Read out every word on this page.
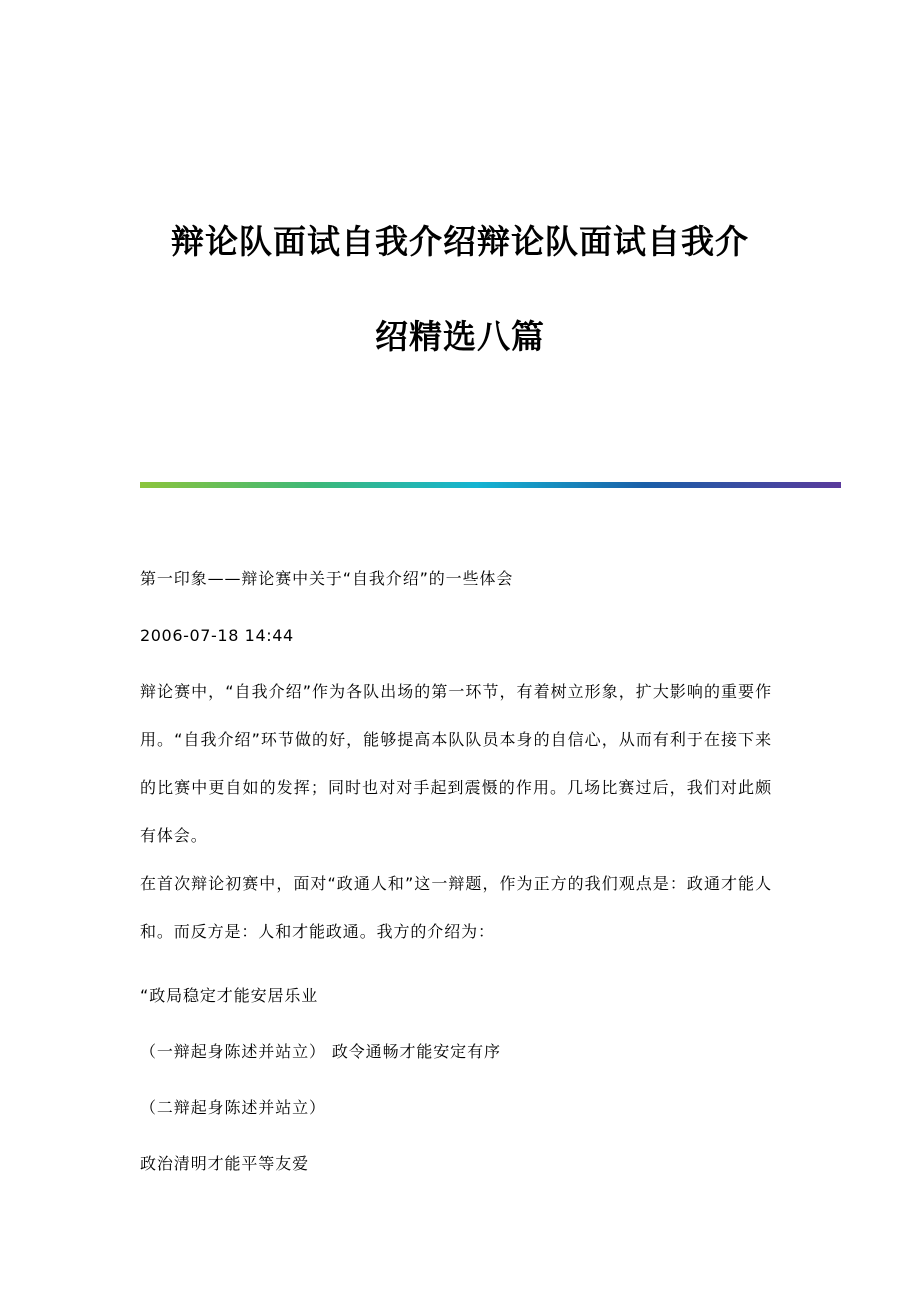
辩论队面试自我介绍辩论队面试自我介
绍精选八篇

第一印象——辩论赛中关于“自我介绍”的一些体会

2006-07-18 14:44

辩论赛中，“自我介绍”作为各队出场的第一环节，有着树立形象，扩大影响的重要作用。“自我介绍”环节做的好，能够提高本队队员本身的自信心，从而有利于在接下来的比赛中更自如的发挥；同时也对对手起到震慑的作用。几场比赛过后，我们对此颇有体会。

在首次辩论初赛中，面对“政通人和”这一辩题，作为正方的我们观点是：政通才能人和。而反方是：人和才能政通。我方的介绍为：

“政局稳定才能安居乐业

（一辩起身陈述并站立） 政令通畅才能安定有序

（二辩起身陈述并站立）

政治清明才能平等友爱
